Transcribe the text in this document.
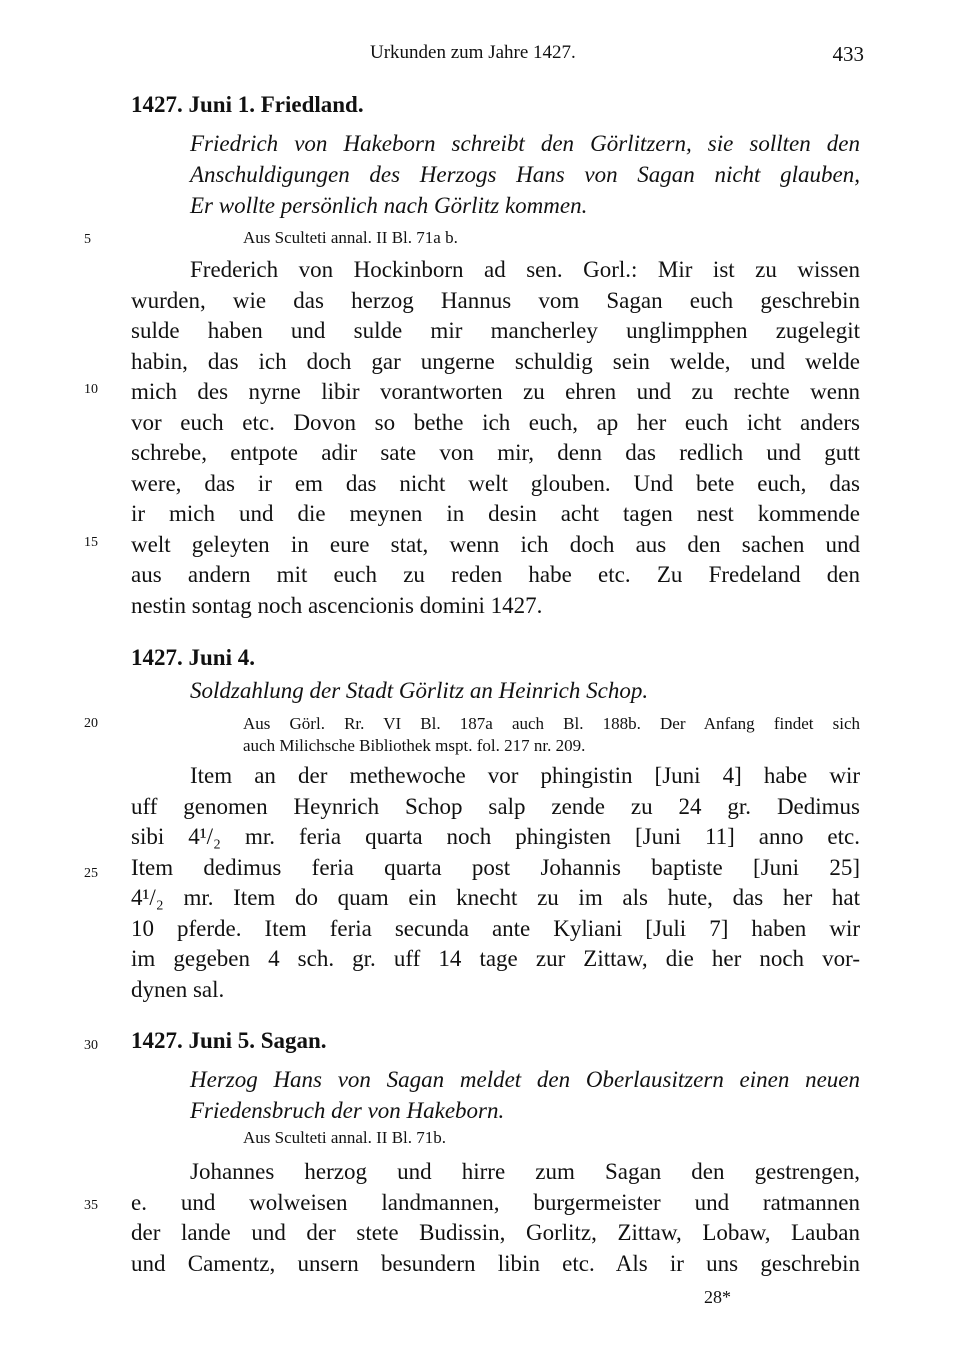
Urkunden zum Jahre 1427.	433
1427. Juni 1. Friedland.
Friedrich von Hakeborn schreibt den Görlitzern, sie sollten den
Anschuldigungen des Herzogs Hans von Sagan nicht glauben,
Er wollte persönlich nach Görlitz kommen.
Aus Sculteti annal. II Bl. 71a b.
Frederich von Hockinborn ad sen. Gorl.: Mir ist zu wissen
wurden, wie das herzog Hannus vom Sagan euch geschrebin
sulde haben und sulde mir mancherley unglimpphen zugelegit
habin, das ich doch gar ungerne schuldig sein welde, und welde
mich des nyrne libir vorantworten zu ehren und zu rechte wenn
vor euch etc. Dovon so bethe ich euch, ap her euch icht anders
schrebe, entpote adir sate von mir, denn das redlich und gutt
were, das ir em das nicht welt glouben. Und bete euch, das
ir mich und die meynen in desin acht tagen nest kommende
welt geleyten in eure stat, wenn ich doch aus den sachen und
aus andern mit euch zu reden habe etc. Zu Fredeland den
nestin sontag noch ascencionis domini 1427.
1427. Juni 4.
Soldzahlung der Stadt Görlitz an Heinrich Schop.
Aus Görl. Rr. VI Bl. 187a auch Bl. 188b. Der Anfang findet sich
auch Milichsche Bibliothek mspt. fol. 217 nr. 209.
Item an der methewoche vor phingistin [Juni 4] habe wir
uff genomen Heynrich Schop salp zende zu 24 gr. Dedimus
sibi 4¹/₂ mr. feria quarta noch phingisten [Juni 11] anno etc.
Item dedimus feria quarta post Johannis baptiste [Juni 25]
4¹/₂ mr. Item do quam ein knecht zu im als hute, das her hat
10 pferde. Item feria secunda ante Kyliani [Juli 7] haben wir
im gegeben 4 sch. gr. uff 14 tage zur Zittaw, die her noch vor-
dynen sal.
1427. Juni 5. Sagan.
Herzog Hans von Sagan meldet den Oberlausitzern einen neuen
Friedensbruch der von Hakeborn.
Aus Sculteti annal. II Bl. 71b.
Johannes herzog und hirre zum Sagan den gestrengen,
e. und wolweisen landmannen, burgermeister und ratmannen
der lande und der stete Budissin, Gorlitz, Zittaw, Lobaw, Lauban
und Camentz, unsern besundern libin etc. Als ir uns geschrebin
5
10
15
20
25
30
35
28*
